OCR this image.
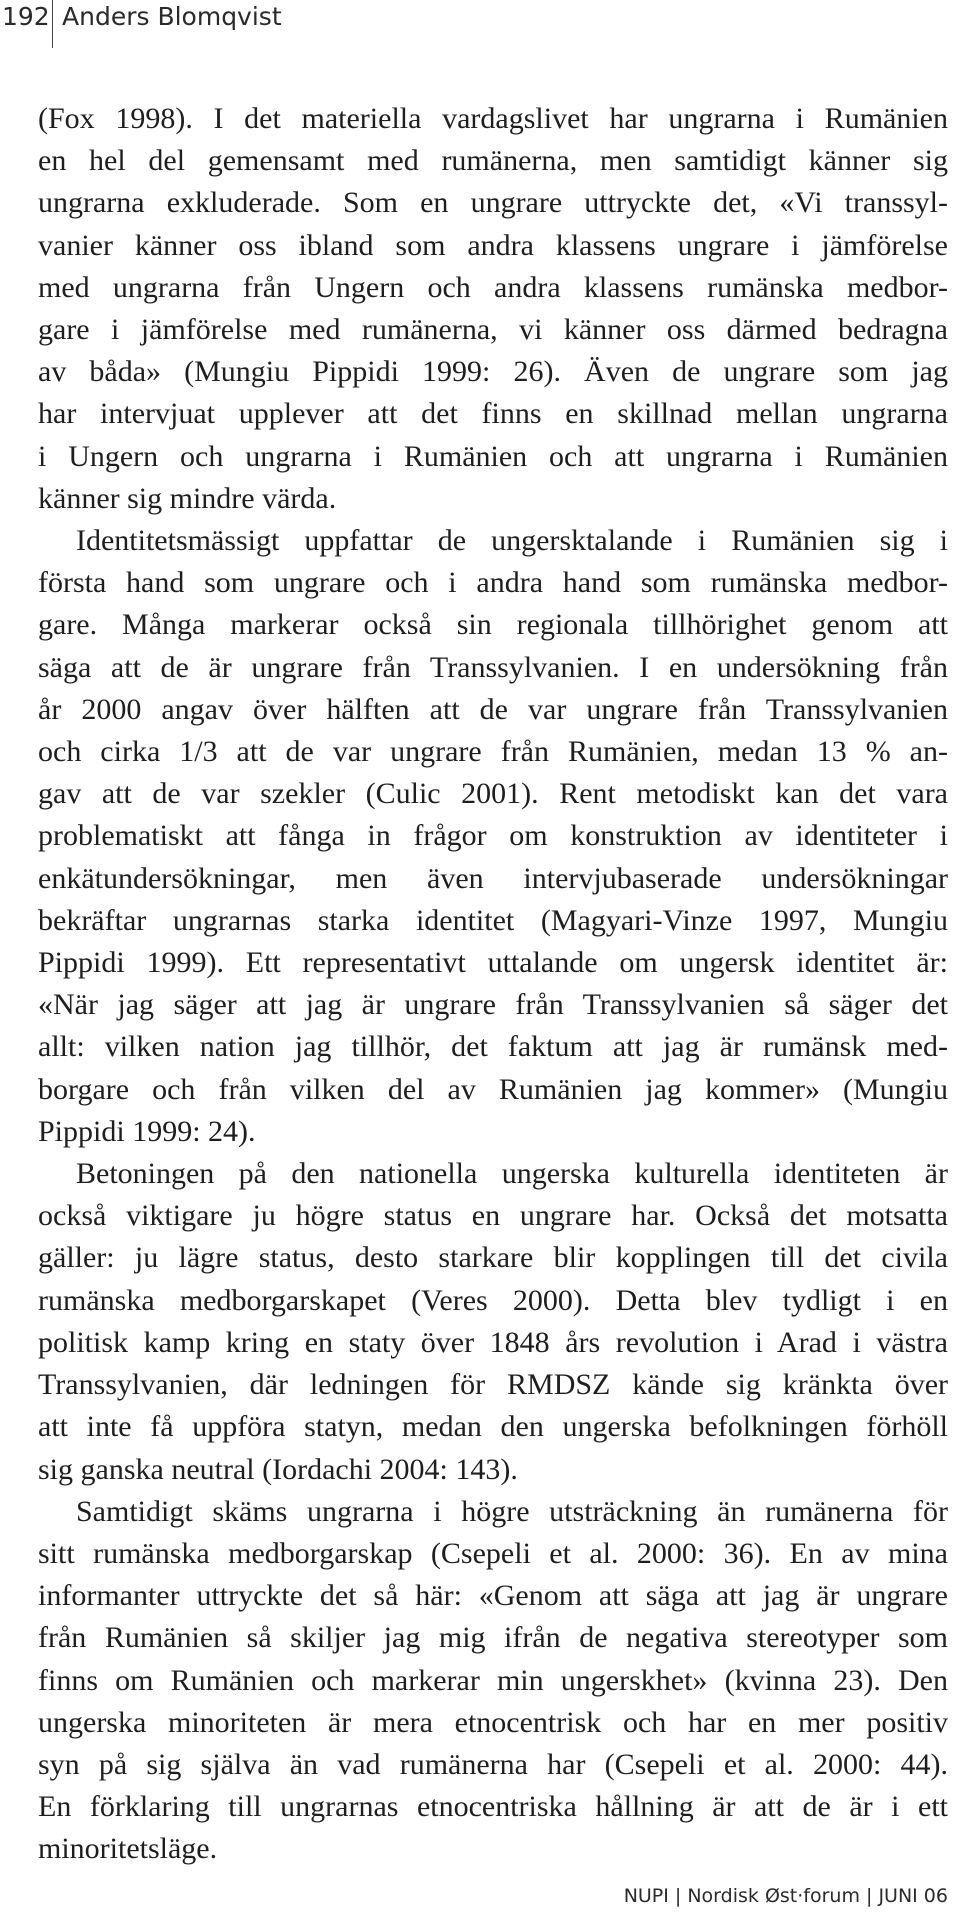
192 Anders Blomqvist
(Fox 1998). I det materiella vardagslivet har ungrarna i Rumänien
en hel del gemensamt med rumänerna, men samtidigt känner sig
ungrarna exkluderade. Som en ungrare uttryckte det, «Vi transsyl-
vanier känner oss ibland som andra klassens ungrare i jämförelse
med ungrarna från Ungern och andra klassens rumänska medbor-
gare i jämförelse med rumänerna, vi känner oss därmed bedragna
av båda» (Mungiu Pippidi 1999: 26). Även de ungrare som jag
har intervjuat upplever att det finns en skillnad mellan ungrarna
i Ungern och ungrarna i Rumänien och att ungrarna i Rumänien
känner sig mindre värda.
Identitetsmässigt uppfattar de ungersktalande i Rumänien sig i
första hand som ungrare och i andra hand som rumänska medbor-
gare. Många markerar också sin regionala tillhörighet genom att
säga att de är ungrare från Transsylvanien. I en undersökning från
år 2000 angav över hälften att de var ungrare från Transsylvanien
och cirka 1/3 att de var ungrare från Rumänien, medan 13 % an-
gav att de var szekler (Culic 2001). Rent metodiskt kan det vara
problematiskt att fånga in frågor om konstruktion av identiteter i
enkätundersökningar, men även intervjubaserade undersökningar
bekräftar ungrarnas starka identitet (Magyari-Vinze 1997, Mungiu
Pippidi 1999). Ett representativt uttalande om ungersk identitet är:
«När jag säger att jag är ungrare från Transsylvanien så säger det
allt: vilken nation jag tillhör, det faktum att jag är rumänsk med-
borgare och från vilken del av Rumänien jag kommer» (Mungiu
Pippidi 1999: 24).
Betoningen på den nationella ungerska kulturella identiteten är
också viktigare ju högre status en ungrare har. Också det motsatta
gäller: ju lägre status, desto starkare blir kopplingen till det civila
rumänska medborgarskapet (Veres 2000). Detta blev tydligt i en
politisk kamp kring en staty över 1848 års revolution i Arad i västra
Transsylvanien, där ledningen för RMDSZ kände sig kränkta över
att inte få uppföra statyn, medan den ungerska befolkningen förhöll
sig ganska neutral (Iordachi 2004: 143).
Samtidigt skäms ungrarna i högre utsträckning än rumänerna för
sitt rumänska medborgarskap (Csepeli et al. 2000: 36). En av mina
informanter uttryckte det så här: «Genom att säga att jag är ungrare
från Rumänien så skiljer jag mig ifrån de negativa stereotyper som
finns om Rumänien och markerar min ungerskhet» (kvinna 23). Den
ungerska minoriteten är mera etnocentrisk och har en mer positiv
syn på sig själva än vad rumänerna har (Csepeli et al. 2000: 44).
En förklaring till ungrarnas etnocentriska hållning är att de är i ett
minoritetsläge.
NUPI | Nordisk Øst·forum | JUNI 06
